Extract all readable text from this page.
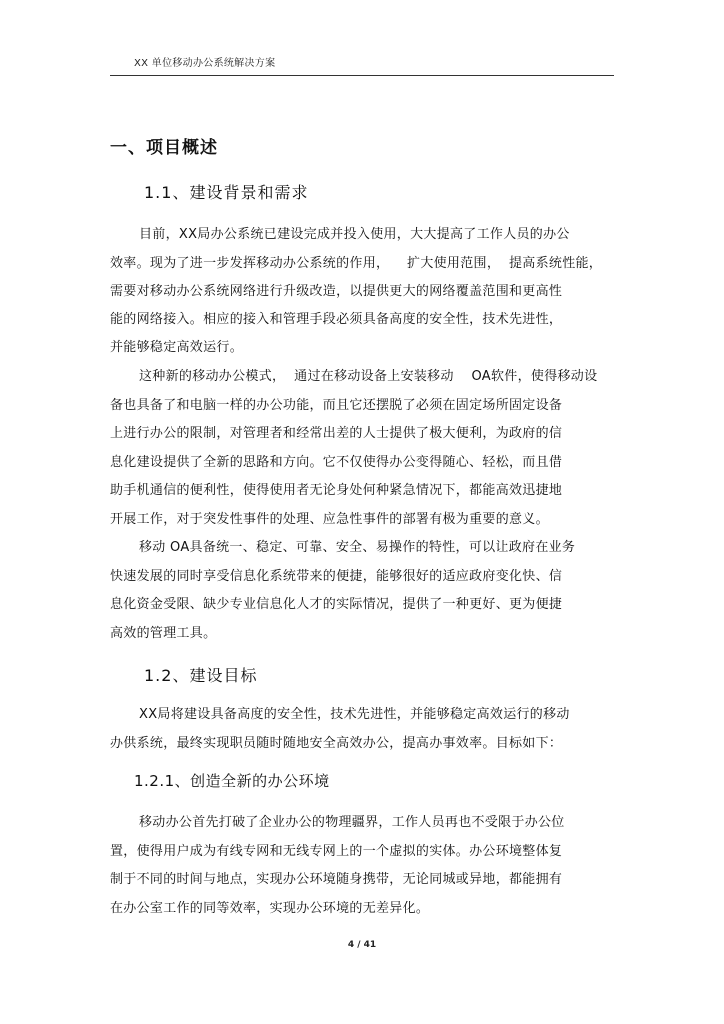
XX 单位移动办公系统解决方案
一、项目概述
1.1、建设背景和需求
目前，XX局办公系统已建设完成并投入使用，大大提高了工作人员的办公
效率。现为了进一步发挥移动办公系统的作用，    扩大使用范围，  提高系统性能，
需要对移动办公系统网络进行升级改造，以提供更大的网络覆盖范围和更高性
能的网络接入。相应的接入和管理手段必须具备高度的安全性，技术先进性，
并能够稳定高效运行。
这种新的移动办公模式，  通过在移动设备上安装移动    OA软件，使得移动设
备也具备了和电脑一样的办公功能，而且它还摆脱了必须在固定场所固定设备
上进行办公的限制，对管理者和经常出差的人士提供了极大便利，为政府的信
息化建设提供了全新的思路和方向。它不仅使得办公变得随心、轻松，而且借
助手机通信的便利性，使得使用者无论身处何种紧急情况下，都能高效迅捷地
开展工作，对于突发性事件的处理、应急性事件的部署有极为重要的意义。
移动 OA具备统一、稳定、可靠、安全、易操作的特性，可以让政府在业务
快速发展的同时享受信息化系统带来的便捷，能够很好的适应政府变化快、信
息化资金受限、缺少专业信息化人才的实际情况，提供了一种更好、更为便捷
高效的管理工具。
1.2、建设目标
XX局将建设具备高度的安全性，技术先进性，并能够稳定高效运行的移动
办供系统，最终实现职员随时随地安全高效办公，提高办事效率。目标如下：
1.2.1、创造全新的办公环境
移动办公首先打破了企业办公的物理疆界，工作人员再也不受限于办公位
置，使得用户成为有线专网和无线专网上的一个虚拟的实体。办公环境整体复
制于不同的时间与地点，实现办公环境随身携带，无论同城或异地，都能拥有
在办公室工作的同等效率，实现办公环境的无差异化。
4 / 41
